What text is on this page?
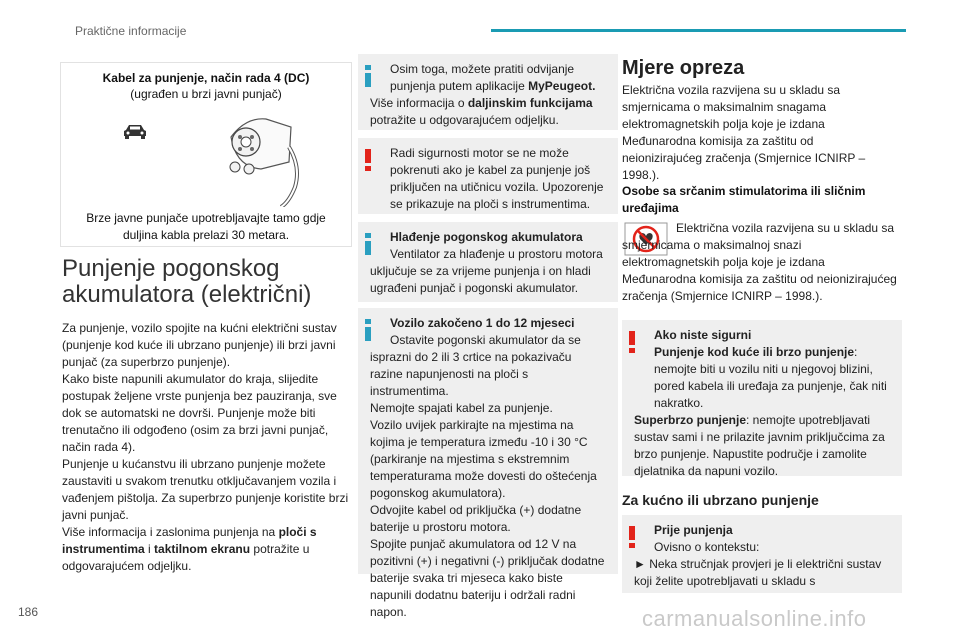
Praktične informacije
Kabel za punjenje, način rada 4 (DC)
(ugrađen u brzi javni punjač)
Brze javne punjače upotrebljavajte tamo gdje duljina kabla prelazi 30 metara.
Punjenje pogonskog akumulatora (električni)

Za punjenje, vozilo spojite na kućni električni sustav (punjenje kod kuće ili ubrzano punjenje) ili brzi javni punjač (za superbrzo punjenje).

Kako biste napunili akumulator do kraja, slijedite postupak željene vrste punjenja bez pauziranja, sve dok se automatski ne dovrši. Punjenje može biti trenutačno ili odgođeno (osim za brzi javni punjač, način rada 4).

Punjenje u kućanstvu ili ubrzano punjenje možete zaustaviti u svakom trenutku otključavanjem vozila i vađenjem pištolja. Za superbrzo punjenje koristite brzi javni punjač.

Više informacija i zaslonima punjenja na ploči s instrumentima i taktilnom ekranu potražite u odgovarajućem odjeljku.

Osim toga, možete pratiti odvijanje punjenja putem aplikacije MyPeugeot.

Više informacija o daljinskim funkcijama potražite u odgovarajućem odjeljku.

Radi sigurnosti motor se ne može pokrenuti ako je kabel za punjenje još priključen na utičnicu vozila. Upozorenje se prikazuje na ploči s instrumentima.

Hlađenje pogonskog akumulatora

Ventilator za hlađenje u prostoru motora uključuje se za vrijeme punjenja i on hladi ugrađeni punjač i pogonski akumulator.

Vozilo zakočeno 1 do 12 mjeseci

Ostavite pogonski akumulator da se isprazni do 2 ili 3 crtice na pokazivaču razine napunjenosti na ploči s instrumentima.

Nemojte spajati kabel za punjenje.

Vozilo uvijek parkirajte na mjestima na kojima je temperatura između -10 i 30 °C (parkiranje na mjestima s ekstremnim temperaturama može dovesti do oštećenja pogonskog akumulatora).

Odvojite kabel od priključka (+) dodatne baterije u prostoru motora.

Spojite punjač akumulatora od 12 V na pozitivni (+) i negativni (-) priključak dodatne baterije svaka tri mjeseca kako biste napunili dodatnu bateriju i održali radni napon.

Mjere opreza
Električna vozila razvijena su u skladu sa smjernicama o maksimalnim snagama elektromagnetskih polja koje je izdana Međunarodna komisija za zaštitu od neionizirajućeg zračenja (Smjernice ICNIRP – 1998.).
Osobe sa srčanim stimulatorima ili sličnim uređajima
Električna vozila razvijena su u skladu sa smjernicama o maksimalnoj snazi elektromagnetskih polja koje je izdana Međunarodna komisija za zaštitu od neionizirajućeg zračenja (Smjernice ICNIRP – 1998.).

Ako niste sigurni

Punjenje kod kuće ili brzo punjenje: nemojte biti u vozilu niti u njegovoj blizini, pored kabela ili uređaja za punjenje, čak niti nakratko.

Superbrzo punjenje: nemojte upotrebljavati sustav sami i ne prilazite javnim priključcima za brzo punjenje. Napustite područje i zamolite djelatnika da napuni vozilo.

Za kućno ili ubrzano punjenje

Prije punjenja

Ovisno o kontekstu:

► Neka stručnjak provjeri je li električni sustav koji želite upotrebljavati u skladu s

186	carmanualsonline.info
